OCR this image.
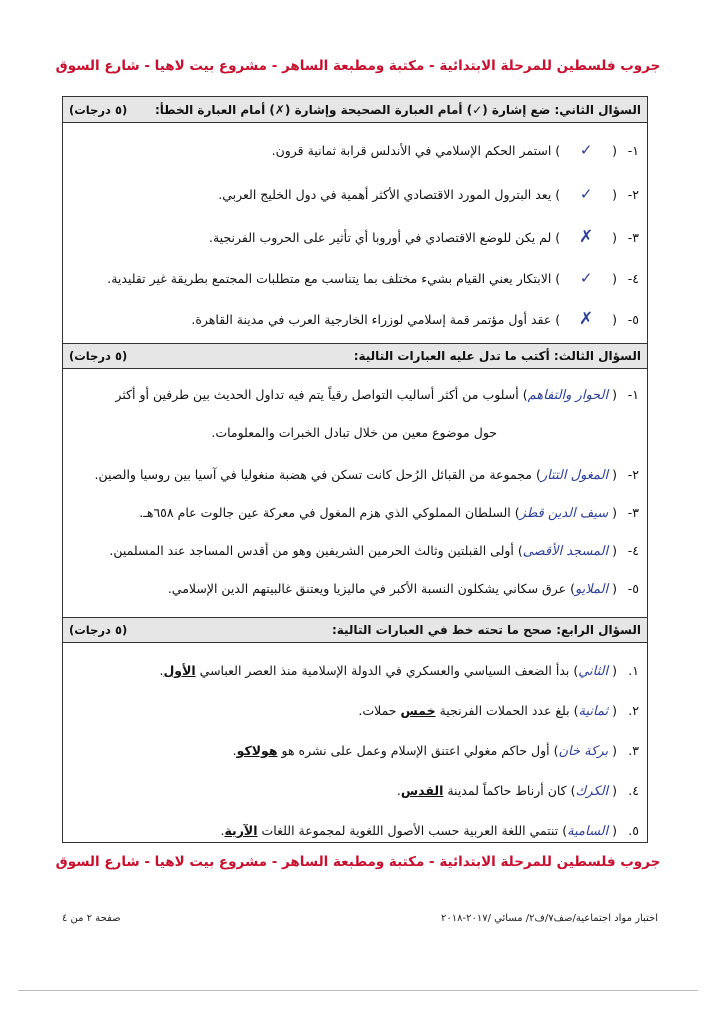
جروب فلسطين للمرحلة الابتدائية - مكتبة ومطبعة الساهر - مشروع بيت لاهيا - شارع السوق
السؤال الثاني: ضع إشارة (✓) أمام العبارة الصحيحة وإشارة (✗) أمام العبارة الخطأ:
(٥ درجات)
١-( ✓ ) استمر الحكم الإسلامي في الأندلس قرابة ثمانية قرون.
٢-( ✓ ) يعد البترول المورد الاقتصادي الأكثر أهمية في دول الخليج العربي.
٣-( ✗ ) لم يكن للوضع الاقتصادي في أوروبا أي تأثير على الحروب الفرنجية.
٤-( ✓ ) الابتكار يعني القيام بشيء مختلف بما يتناسب مع متطلبات المجتمع بطريقة غير تقليدية.
٥-( ✗ ) عقد أول مؤتمر قمة إسلامي لوزراء الخارجية العرب في مدينة القاهرة.
السؤال الثالث: أكتب ما تدل عليه العبارات التالية:
(٥ درجات)
١-( الحوار والتفاهم) أسلوب من أكثر أساليب التواصل رقياً يتم فيه تداول الحديث بين طرفين أو أكثر
حول موضوع معين من خلال تبادل الخبرات والمعلومات.
٢-( المغول التتار) مجموعة من القبائل الرُحل كانت تسكن في هضبة منغوليا في آسيا بين روسيا والصين.
٣-( سيف الدين قطز) السلطان المملوكي الذي هزم المغول في معركة عين جالوت عام ٦٥٨هـ.
٤-( المسجد الأقصى) أولى القبلتين وثالث الحرمين الشريفين وهو من أقدس المساجد عند المسلمين.
٥-( الملايو) عرق سكاني يشكلون النسبة الأكبر في ماليزيا ويعتنق غالبيتهم الدين الإسلامي.
السؤال الرابع: صحح ما تحته خط في العبارات التالية:
(٥ درجات)
١.( الثاني) بدأ الضعف السياسي والعسكري في الدولة الإسلامية منذ العصر العباسي الأول.
٢.( ثمانية) بلغ عدد الحملات الفرنجية خمس حملات.
٣.( بركة خان) أول حاكم مغولي اعتنق الإسلام وعمل على نشره هو هولاكو.
٤.( الكرك) كان أرناط حاكماً لمدينة القدس.
٥.( السامية) تنتمي اللغة العربية حسب الأصول اللغوية لمجموعة اللغات الآرية.
جروب فلسطين للمرحلة الابتدائية - مكتبة ومطبعة الساهر - مشروع بيت لاهيا - شارع السوق
اختبار مواد اجتماعية/صف٧/ف٢/ مسائي /٢٠١٧-٢٠١٨
صفحة ٢ من ٤
